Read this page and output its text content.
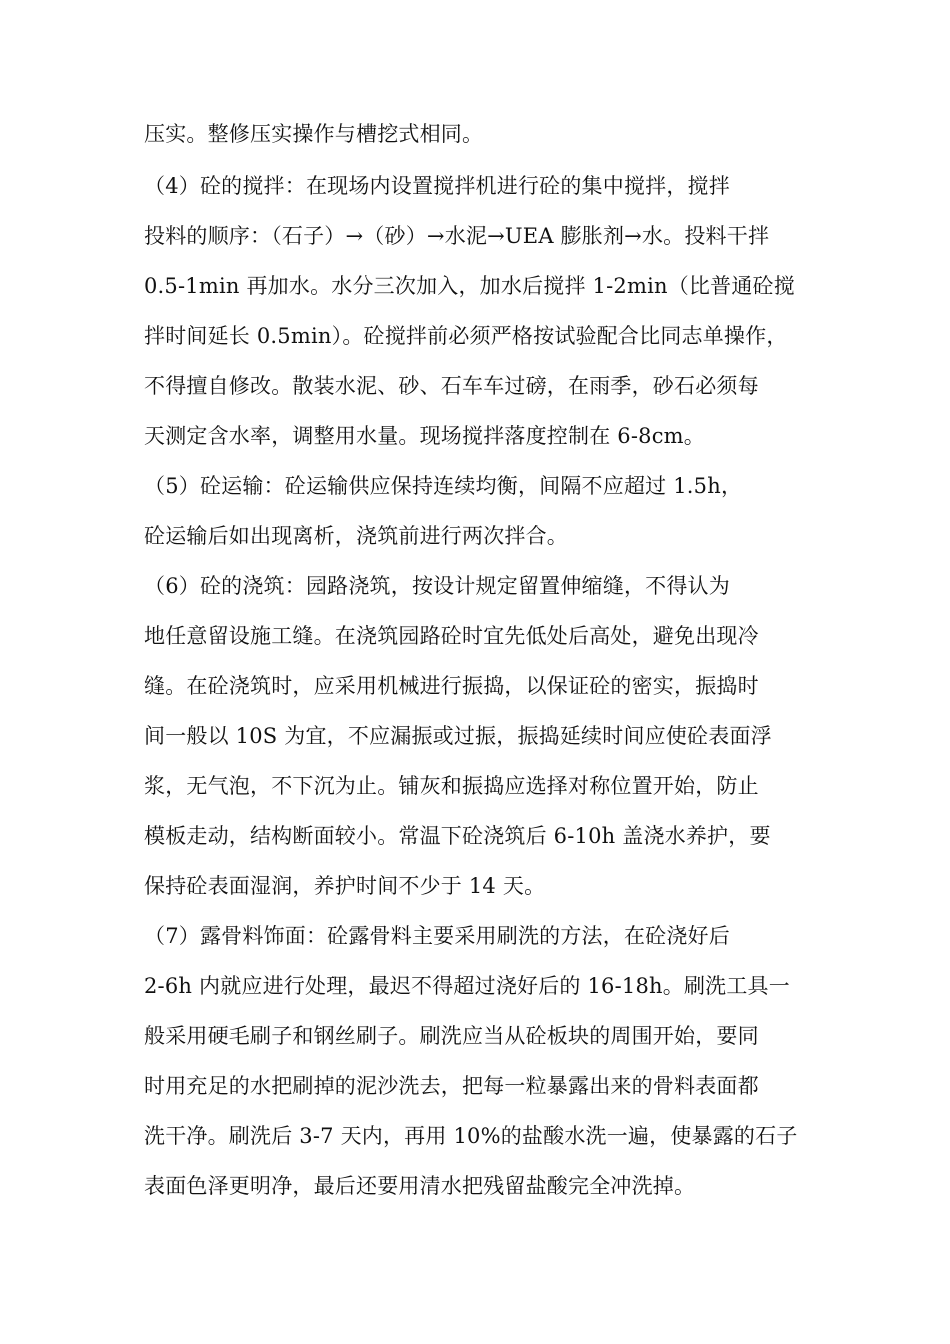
压实。整修压实操作与槽挖式相同。
（4）砼的搅拌：在现场内设置搅拌机进行砼的集中搅拌，搅拌
投料的顺序：（石子）→（砂）→水泥→UEA 膨胀剂→水。投料干拌
0.5-1min 再加水。水分三次加入，加水后搅拌 1-2min（比普通砼搅
拌时间延长 0.5min）。砼搅拌前必须严格按试验配合比同志单操作，
不得擅自修改。散装水泥、砂、石车车过磅，在雨季，砂石必须每
天测定含水率，调整用水量。现场搅拌落度控制在 6-8cm。
（5）砼运输：砼运输供应保持连续均衡，间隔不应超过 1.5h，
砼运输后如出现离析，浇筑前进行两次拌合。
（6）砼的浇筑：园路浇筑，按设计规定留置伸缩缝，不得认为
地任意留设施工缝。在浇筑园路砼时宜先低处后高处，避免出现冷
缝。在砼浇筑时，应采用机械进行振捣，以保证砼的密实，振捣时
间一般以 10S 为宜，不应漏振或过振，振捣延续时间应使砼表面浮
浆，无气泡，不下沉为止。铺灰和振捣应选择对称位置开始，防止
模板走动，结构断面较小。常温下砼浇筑后 6-10h 盖浇水养护，要
保持砼表面湿润，养护时间不少于 14 天。
（7）露骨料饰面：砼露骨料主要采用刷洗的方法，在砼浇好后
2-6h 内就应进行处理，最迟不得超过浇好后的 16-18h。刷洗工具一
般采用硬毛刷子和钢丝刷子。刷洗应当从砼板块的周围开始，要同
时用充足的水把刷掉的泥沙洗去，把每一粒暴露出来的骨料表面都
洗干净。刷洗后 3-7 天内，再用 10%的盐酸水洗一遍，使暴露的石子
表面色泽更明净，最后还要用清水把残留盐酸完全冲洗掉。
